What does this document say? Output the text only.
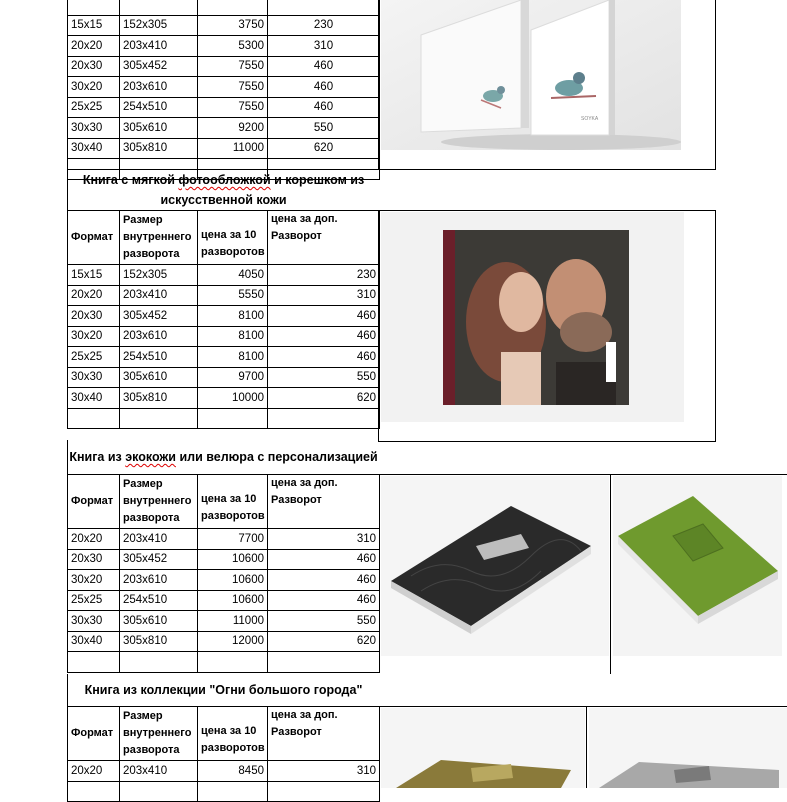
15x15	152x305	3750	230
20x20	203x410	5300	310
20x30	305x452	7550	460
30x20	203x610	7550	460
25x25	254x510	7550	460
30x30	305x610	9200	550
30x40	305x810	11000	620

SOYKA
Книга с мягкой фотообложкой и корешком из искусственной кожи
Формат	Размер внутреннего разворота	цена за 10 разворотов	цена за доп. Разворот
15x15	152x305	4050	230
20x20	203x410	5550	310
20x30	305x452	8100	460
30x20	203x610	8100	460
25x25	254x510	8100	460
30x30	305x610	9700	550
30x40	305x810	10000	620

Книга из экокожи или велюра с персонализацией
Формат	Размер внутреннего разворота	цена за 10 разворотов	цена за доп. Разворот
20x20	203x410	7700	310
20x30	305x452	10600	460
30x20	203x610	10600	460
25x25	254x510	10600	460
30x30	305x610	11000	550
30x40	305x810	12000	620

Книга из коллекции "Огни большого города"
Формат	Размер внутреннего разворота	цена за 10 разворотов	цена за доп. Разворот
20x20	203x410	8450	310
